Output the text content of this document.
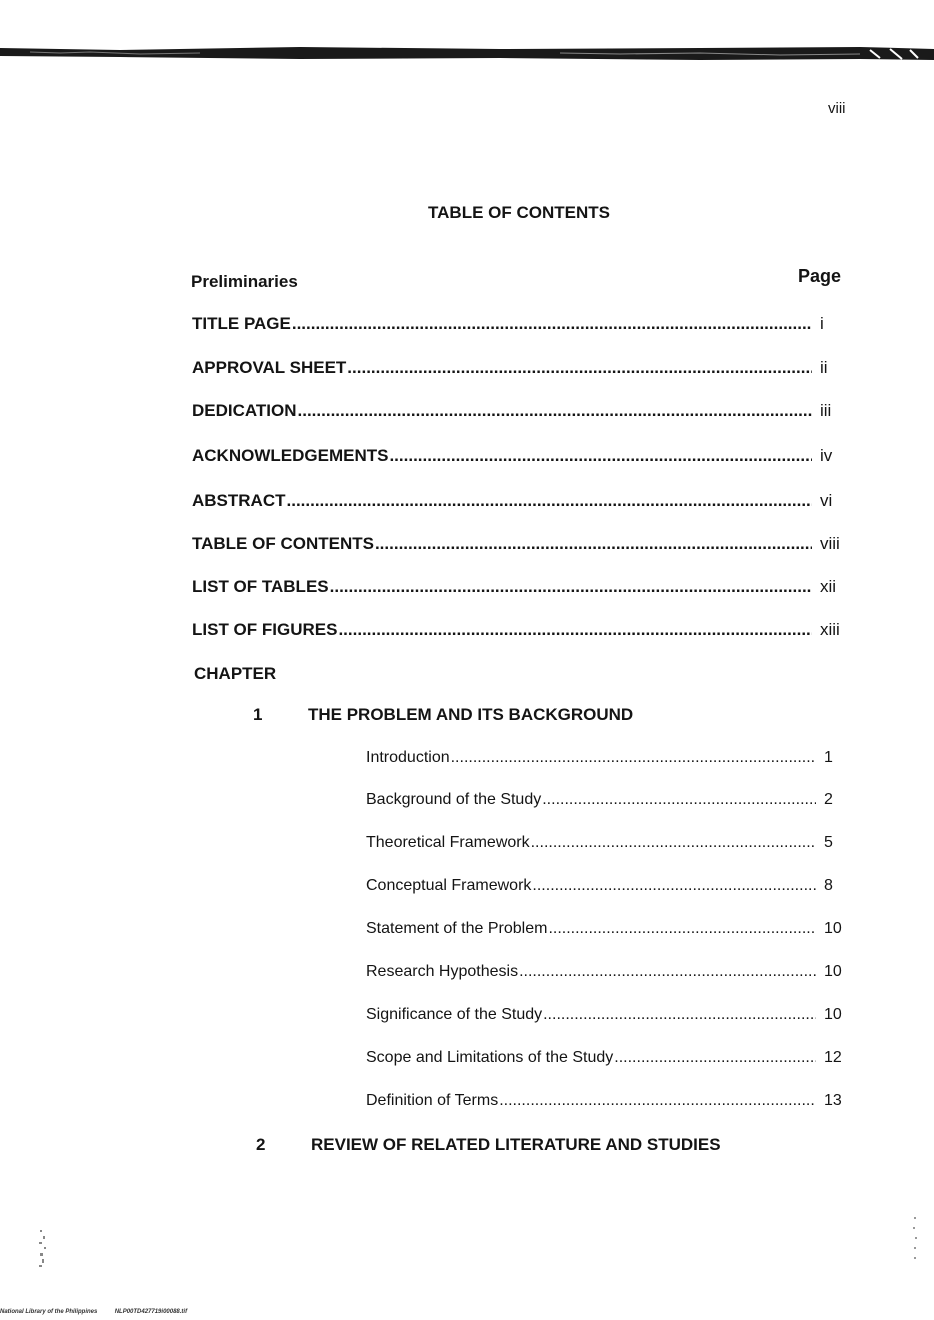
viii
TABLE OF CONTENTS
Preliminaries	Page
TITLE PAGE .....	i
APPROVAL SHEET .....	ii
DEDICATION .....	iii
ACKNOWLEDGEMENTS .....	iv
ABSTRACT .....	vi
TABLE OF CONTENTS .....	viii
LIST OF TABLES .....	xii
LIST OF FIGURES .....	xiii
CHAPTER
1	THE PROBLEM AND ITS BACKGROUND
Introduction .....	1
Background of the Study .....	2
Theoretical Framework .....	5
Conceptual Framework .....	8
Statement of the Problem .....	10
Research Hypothesis .....	10
Significance of the Study .....	10
Scope and Limitations of the Study .....	12
Definition of Terms .....	13
2	REVIEW OF RELATED LITERATURE AND STUDIES
National Library of the Philippines	NLP00TD427719i00088.tif
